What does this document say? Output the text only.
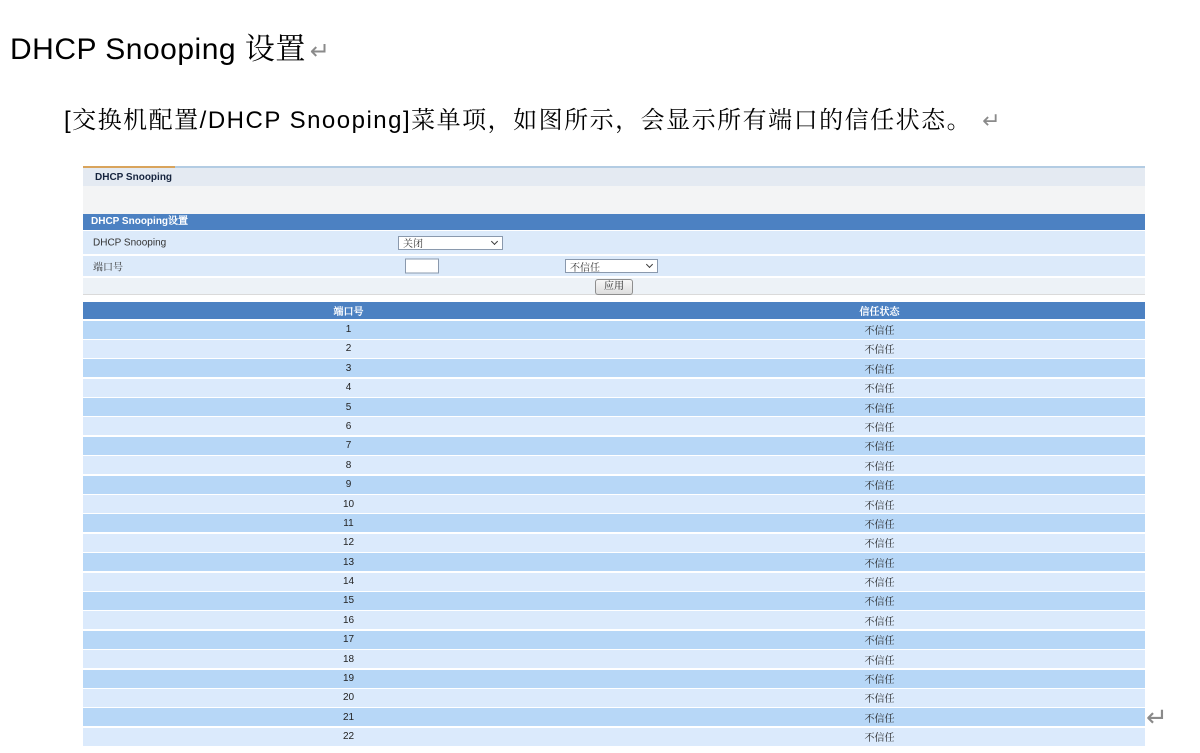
DHCP Snooping 设置 ↵

[交换机配置/DHCP Snooping]菜单项，如图所示，会显示所有端口的信任状态。 ↵

DHCP Snooping
DHCP Snooping设置
DHCP Snooping	关闭
端口号	不信任
应用
端口号	信任状态
1	不信任
2	不信任
3	不信任
4	不信任
5	不信任
6	不信任
7	不信任
8	不信任
9	不信任
10	不信任
11	不信任
12	不信任
13	不信任
14	不信任
15	不信任
16	不信任
17	不信任
18	不信任
19	不信任
20	不信任
21	不信任
22	不信任
↵
